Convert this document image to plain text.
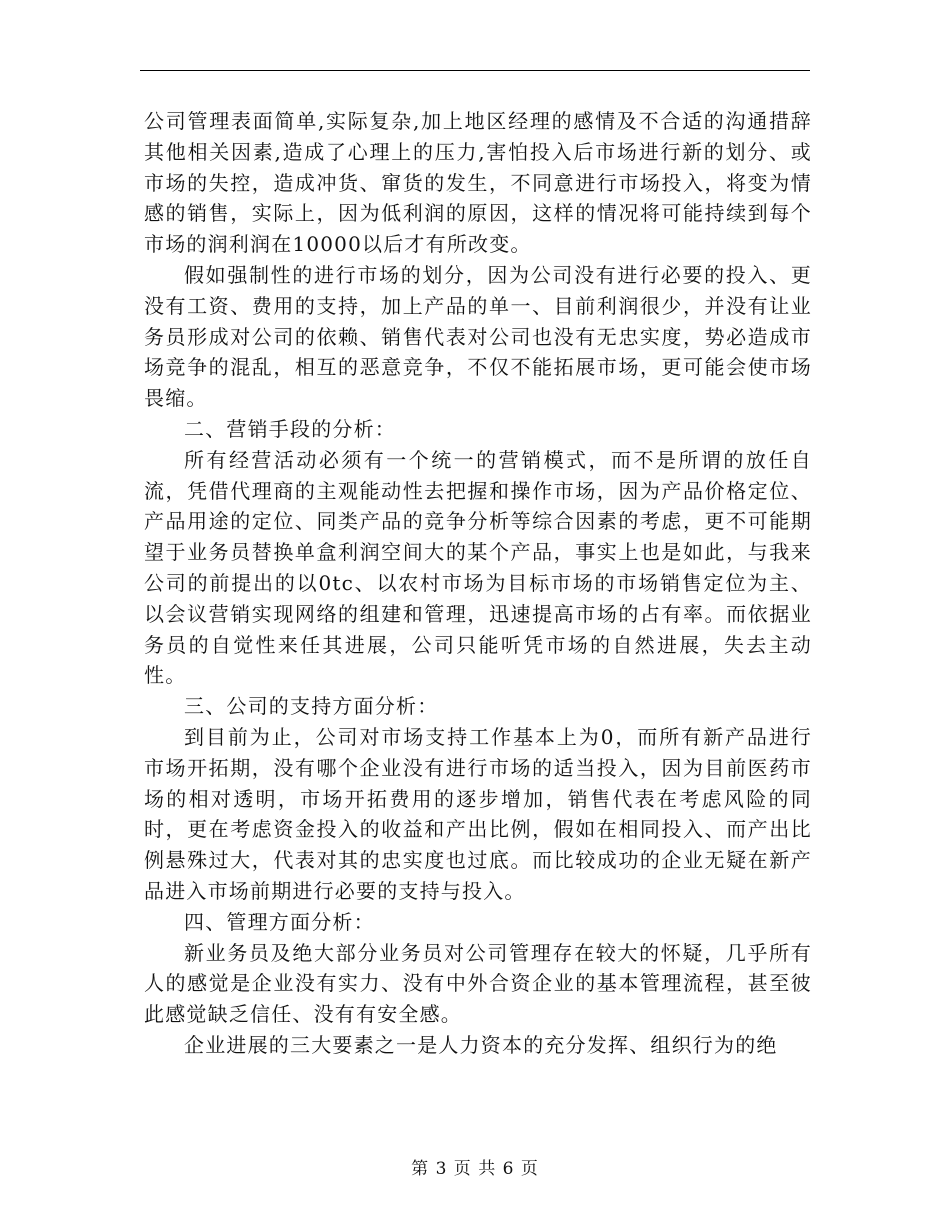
公司管理表面简单,实际复杂,加上地区经理的感情及不合适的沟通措辞其他相关因素,造成了心理上的压力,害怕投入后市场进行新的划分、或市场的失控，造成冲货、窜货的发生，不同意进行市场投入，将变为情感的销售，实际上，因为低利润的原因，这样的情况将可能持续到每个市场的润利润在10000以后才有所改变。

假如强制性的进行市场的划分，因为公司没有进行必要的投入、更没有工资、费用的支持，加上产品的单一、目前利润很少，并没有让业务员形成对公司的依赖、销售代表对公司也没有无忠实度，势必造成市场竞争的混乱，相互的恶意竞争，不仅不能拓展市场，更可能会使市场畏缩。

二、营销手段的分析：

所有经营活动必须有一个统一的营销模式，而不是所谓的放任自流，凭借代理商的主观能动性去把握和操作市场，因为产品价格定位、产品用途的定位、同类产品的竞争分析等综合因素的考虑，更不可能期望于业务员替换单盒利润空间大的某个产品，事实上也是如此，与我来公司的前提出的以0tc、以农村市场为目标市场的市场销售定位为主、以会议营销实现网络的组建和管理，迅速提高市场的占有率。而依据业务员的自觉性来任其进展，公司只能听凭市场的自然进展，失去主动性。

三、公司的支持方面分析：

到目前为止，公司对市场支持工作基本上为0，而所有新产品进行市场开拓期，没有哪个企业没有进行市场的适当投入，因为目前医药市场的相对透明，市场开拓费用的逐步增加，销售代表在考虑风险的同时，更在考虑资金投入的收益和产出比例，假如在相同投入、而产出比例悬殊过大，代表对其的忠实度也过底。而比较成功的企业无疑在新产品进入市场前期进行必要的支持与投入。

四、管理方面分析：

新业务员及绝大部分业务员对公司管理存在较大的怀疑，几乎所有人的感觉是企业没有实力、没有中外合资企业的基本管理流程，甚至彼此感觉缺乏信任、没有有安全感。

企业进展的三大要素之一是人力资本的充分发挥、组织行为的绝

第 3 页 共 6 页
